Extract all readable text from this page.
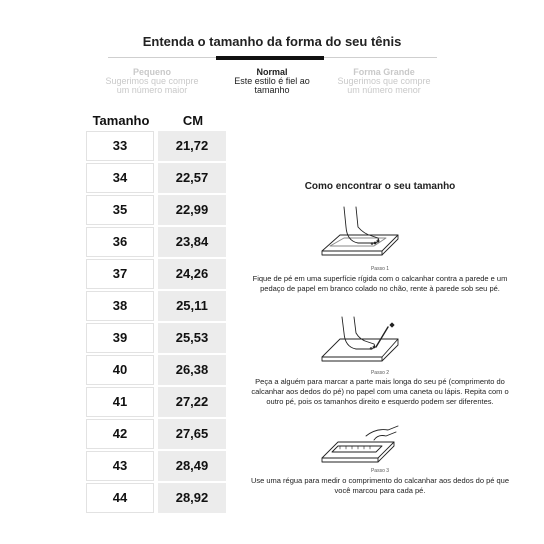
Entenda o tamanho da forma do seu tênis
Pequeno
Sugerimos que compre um número maior
Normal
Este estilo é fiel ao tamanho
Forma Grande
Sugerimos que compre um número menor
Tamanho	CM
33	21,72
34	22,57
35	22,99
36	23,84
37	24,26
38	25,11
39	25,53
40	26,38
41	27,22
42	27,65
43	28,49
44	28,92
Como encontrar o seu tamanho
Passo 1
Fique de pé em uma superfície rígida com o calcanhar contra a parede e um pedaço de papel em branco colado no chão, rente à parede sob seu pé.
Passo 2
Peça a alguém para marcar a parte mais longa do seu pé (comprimento do calcanhar aos dedos do pé) no papel com uma caneta ou lápis. Repita com o outro pé, pois os tamanhos direito e esquerdo podem ser diferentes.
Passo 3
Use uma régua para medir o comprimento do calcanhar aos dedos do pé que você marcou para cada pé.
